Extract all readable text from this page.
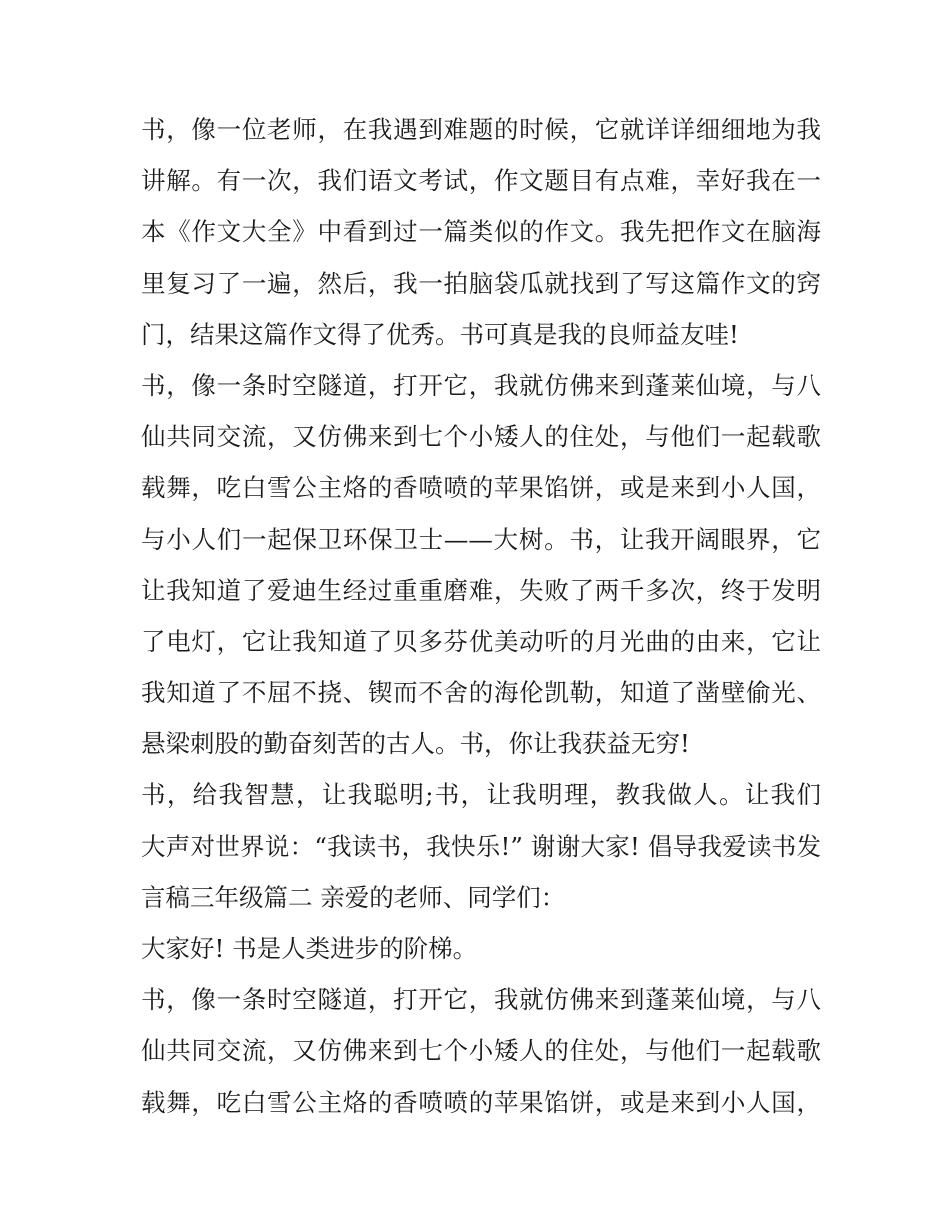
书，像一位老师，在我遇到难题的时候，它就详详细细地为我
讲解。有一次，我们语文考试，作文题目有点难，幸好我在一
本《作文大全》中看到过一篇类似的作文。我先把作文在脑海
里复习了一遍，然后，我一拍脑袋瓜就找到了写这篇作文的窍
门，结果这篇作文得了优秀。书可真是我的良师益友哇!
书，像一条时空隧道，打开它，我就仿佛来到蓬莱仙境，与八
仙共同交流，又仿佛来到七个小矮人的住处，与他们一起载歌
载舞，吃白雪公主烙的香喷喷的苹果馅饼，或是来到小人国，
与小人们一起保卫环保卫士——大树。书，让我开阔眼界，它
让我知道了爱迪生经过重重磨难，失败了两千多次，终于发明
了电灯，它让我知道了贝多芬优美动听的月光曲的由来，它让
我知道了不屈不挠、锲而不舍的海伦凯勒，知道了凿壁偷光、
悬梁刺股的勤奋刻苦的古人。书，你让我获益无穷!
书，给我智慧，让我聪明;书，让我明理，教我做人。让我们
大声对世界说：“我读书，我快乐!” 谢谢大家! 倡导我爱读书发
言稿三年级篇二 亲爱的老师、同学们：
大家好! 书是人类进步的阶梯。
书，像一条时空隧道，打开它，我就仿佛来到蓬莱仙境，与八
仙共同交流，又仿佛来到七个小矮人的住处，与他们一起载歌
载舞，吃白雪公主烙的香喷喷的苹果馅饼，或是来到小人国，
